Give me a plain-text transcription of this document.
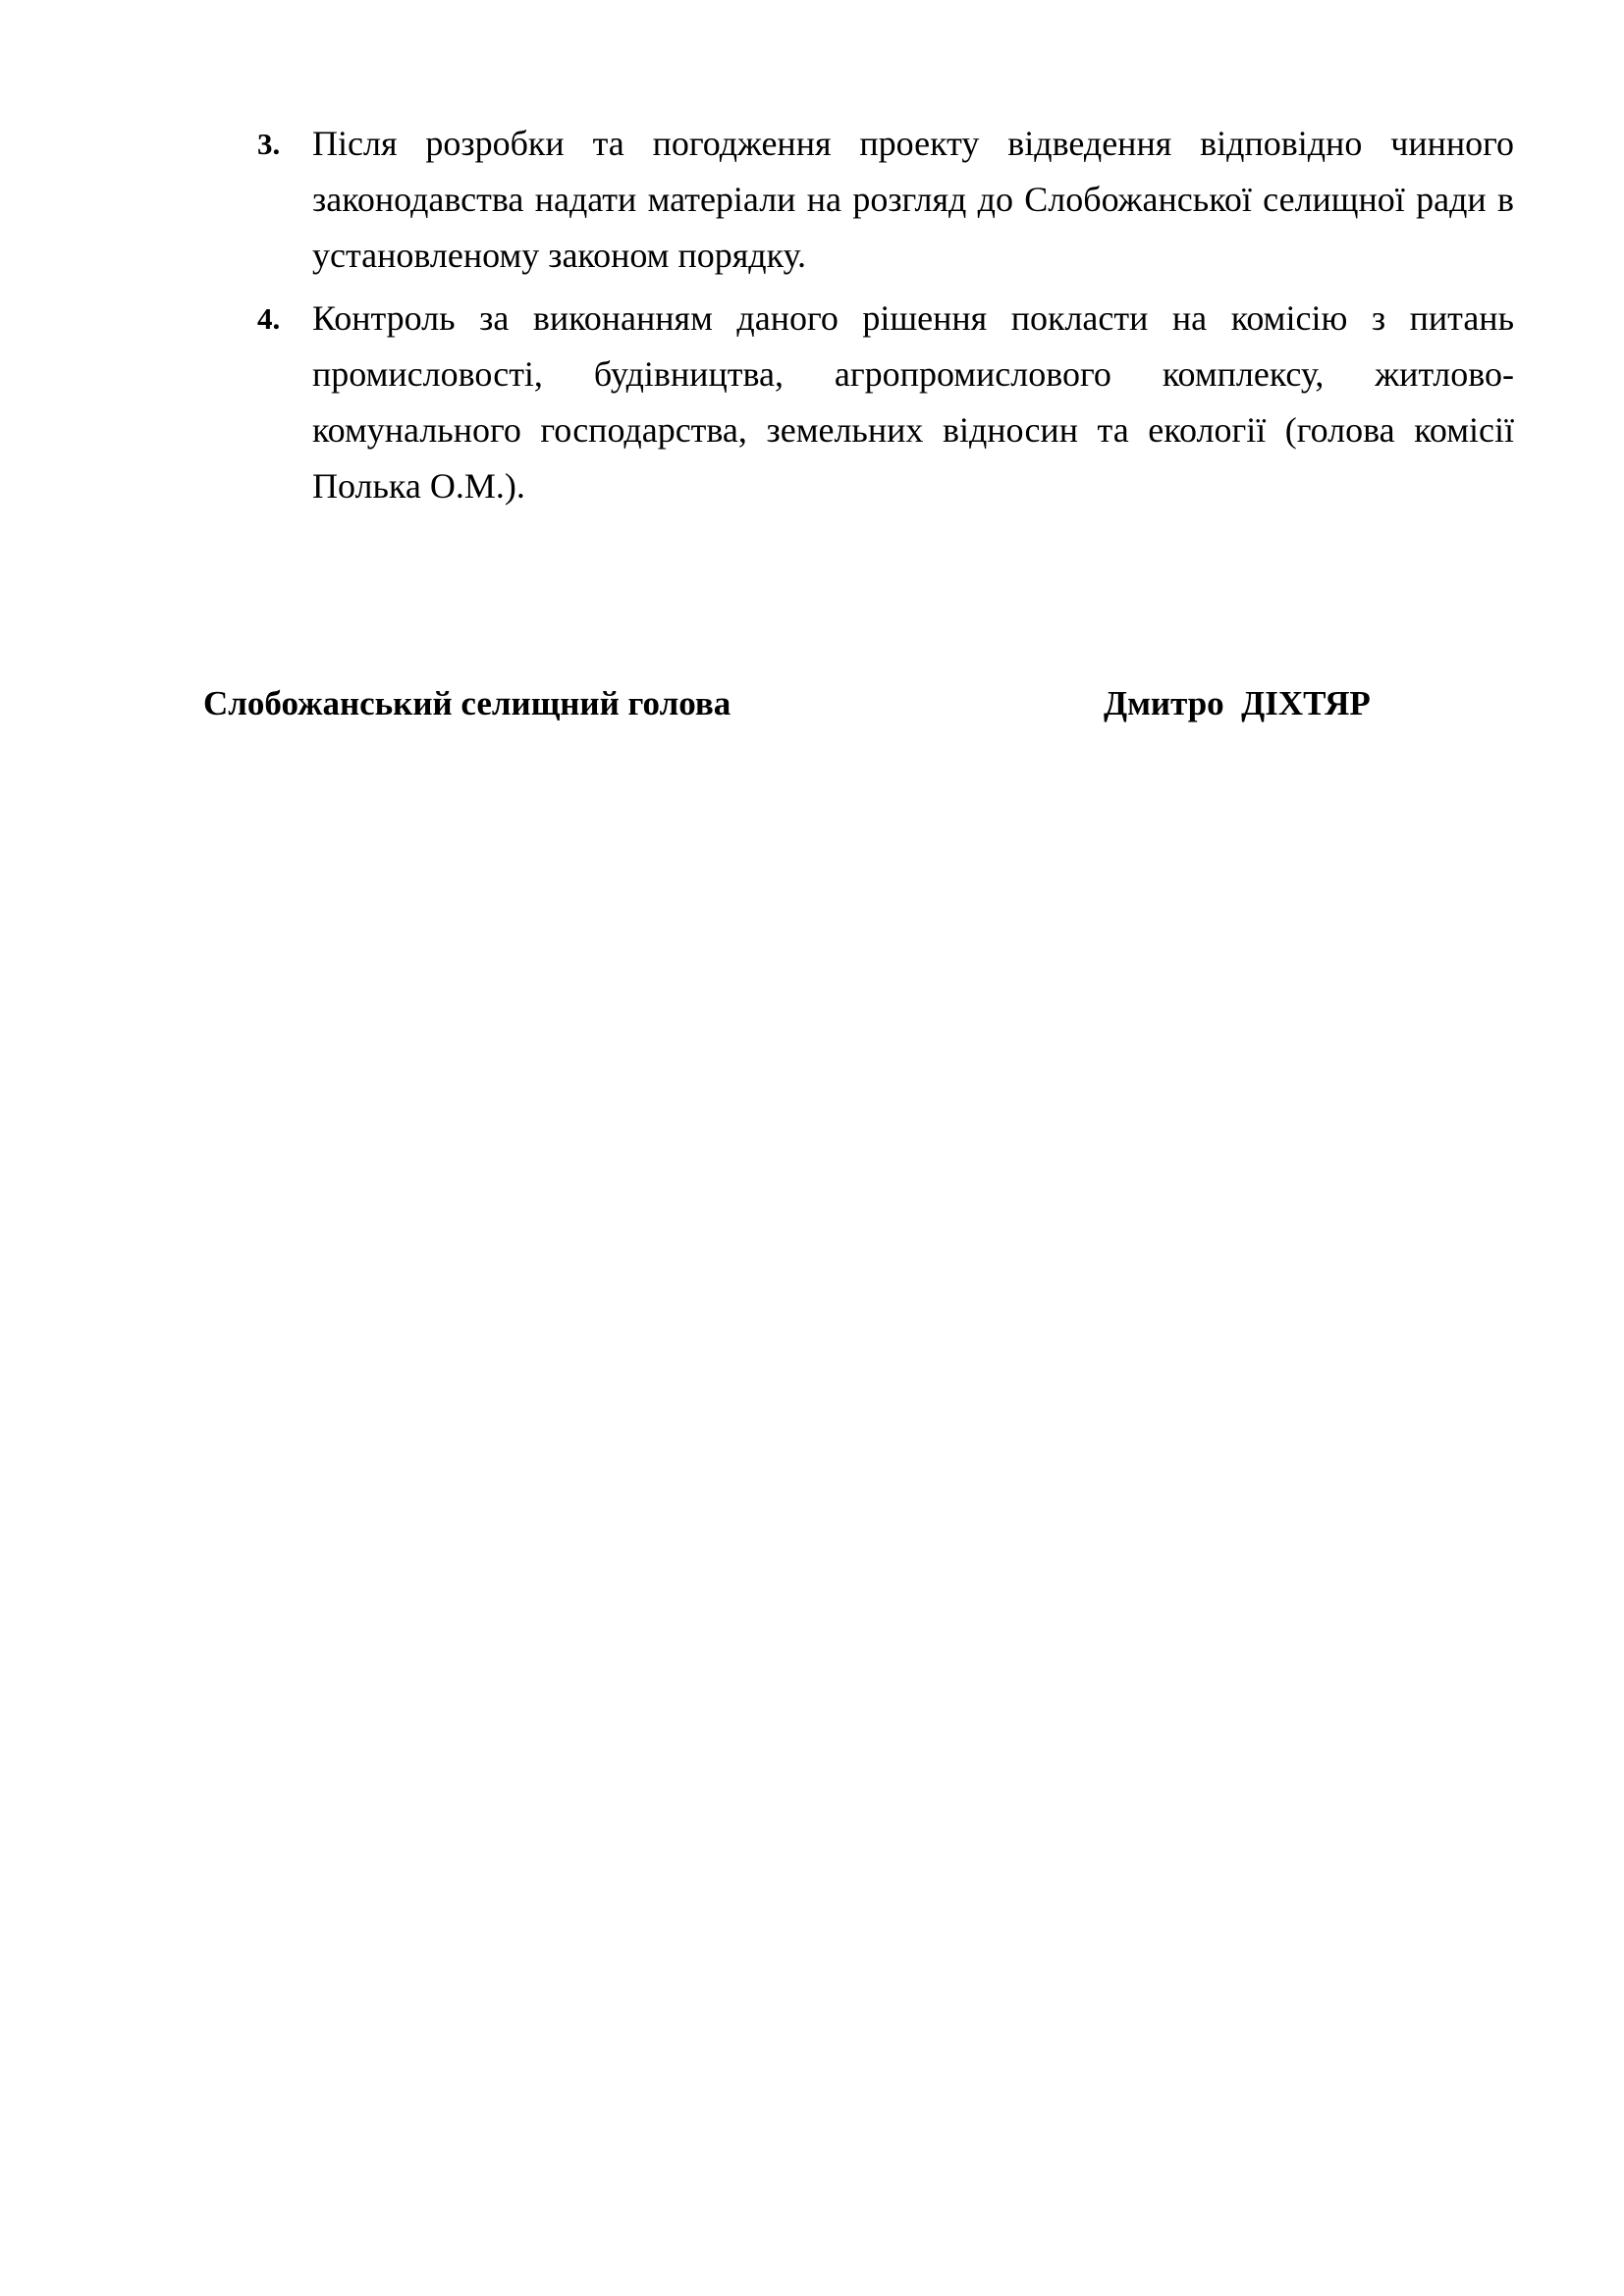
3. Після розробки та погодження проекту відведення відповідно чинного законодавства надати матеріали на розгляд до Слобожанської селищної ради в установленому законом порядку.
4. Контроль за виконанням даного рішення покласти на комісію з питань промисловості, будівництва, агропромислового комплексу, житлово-комунального господарства, земельних відносин та екології (голова комісії Полька О.М.).
Слобожанський селищний голова	Дмитро  ДІХТЯР
